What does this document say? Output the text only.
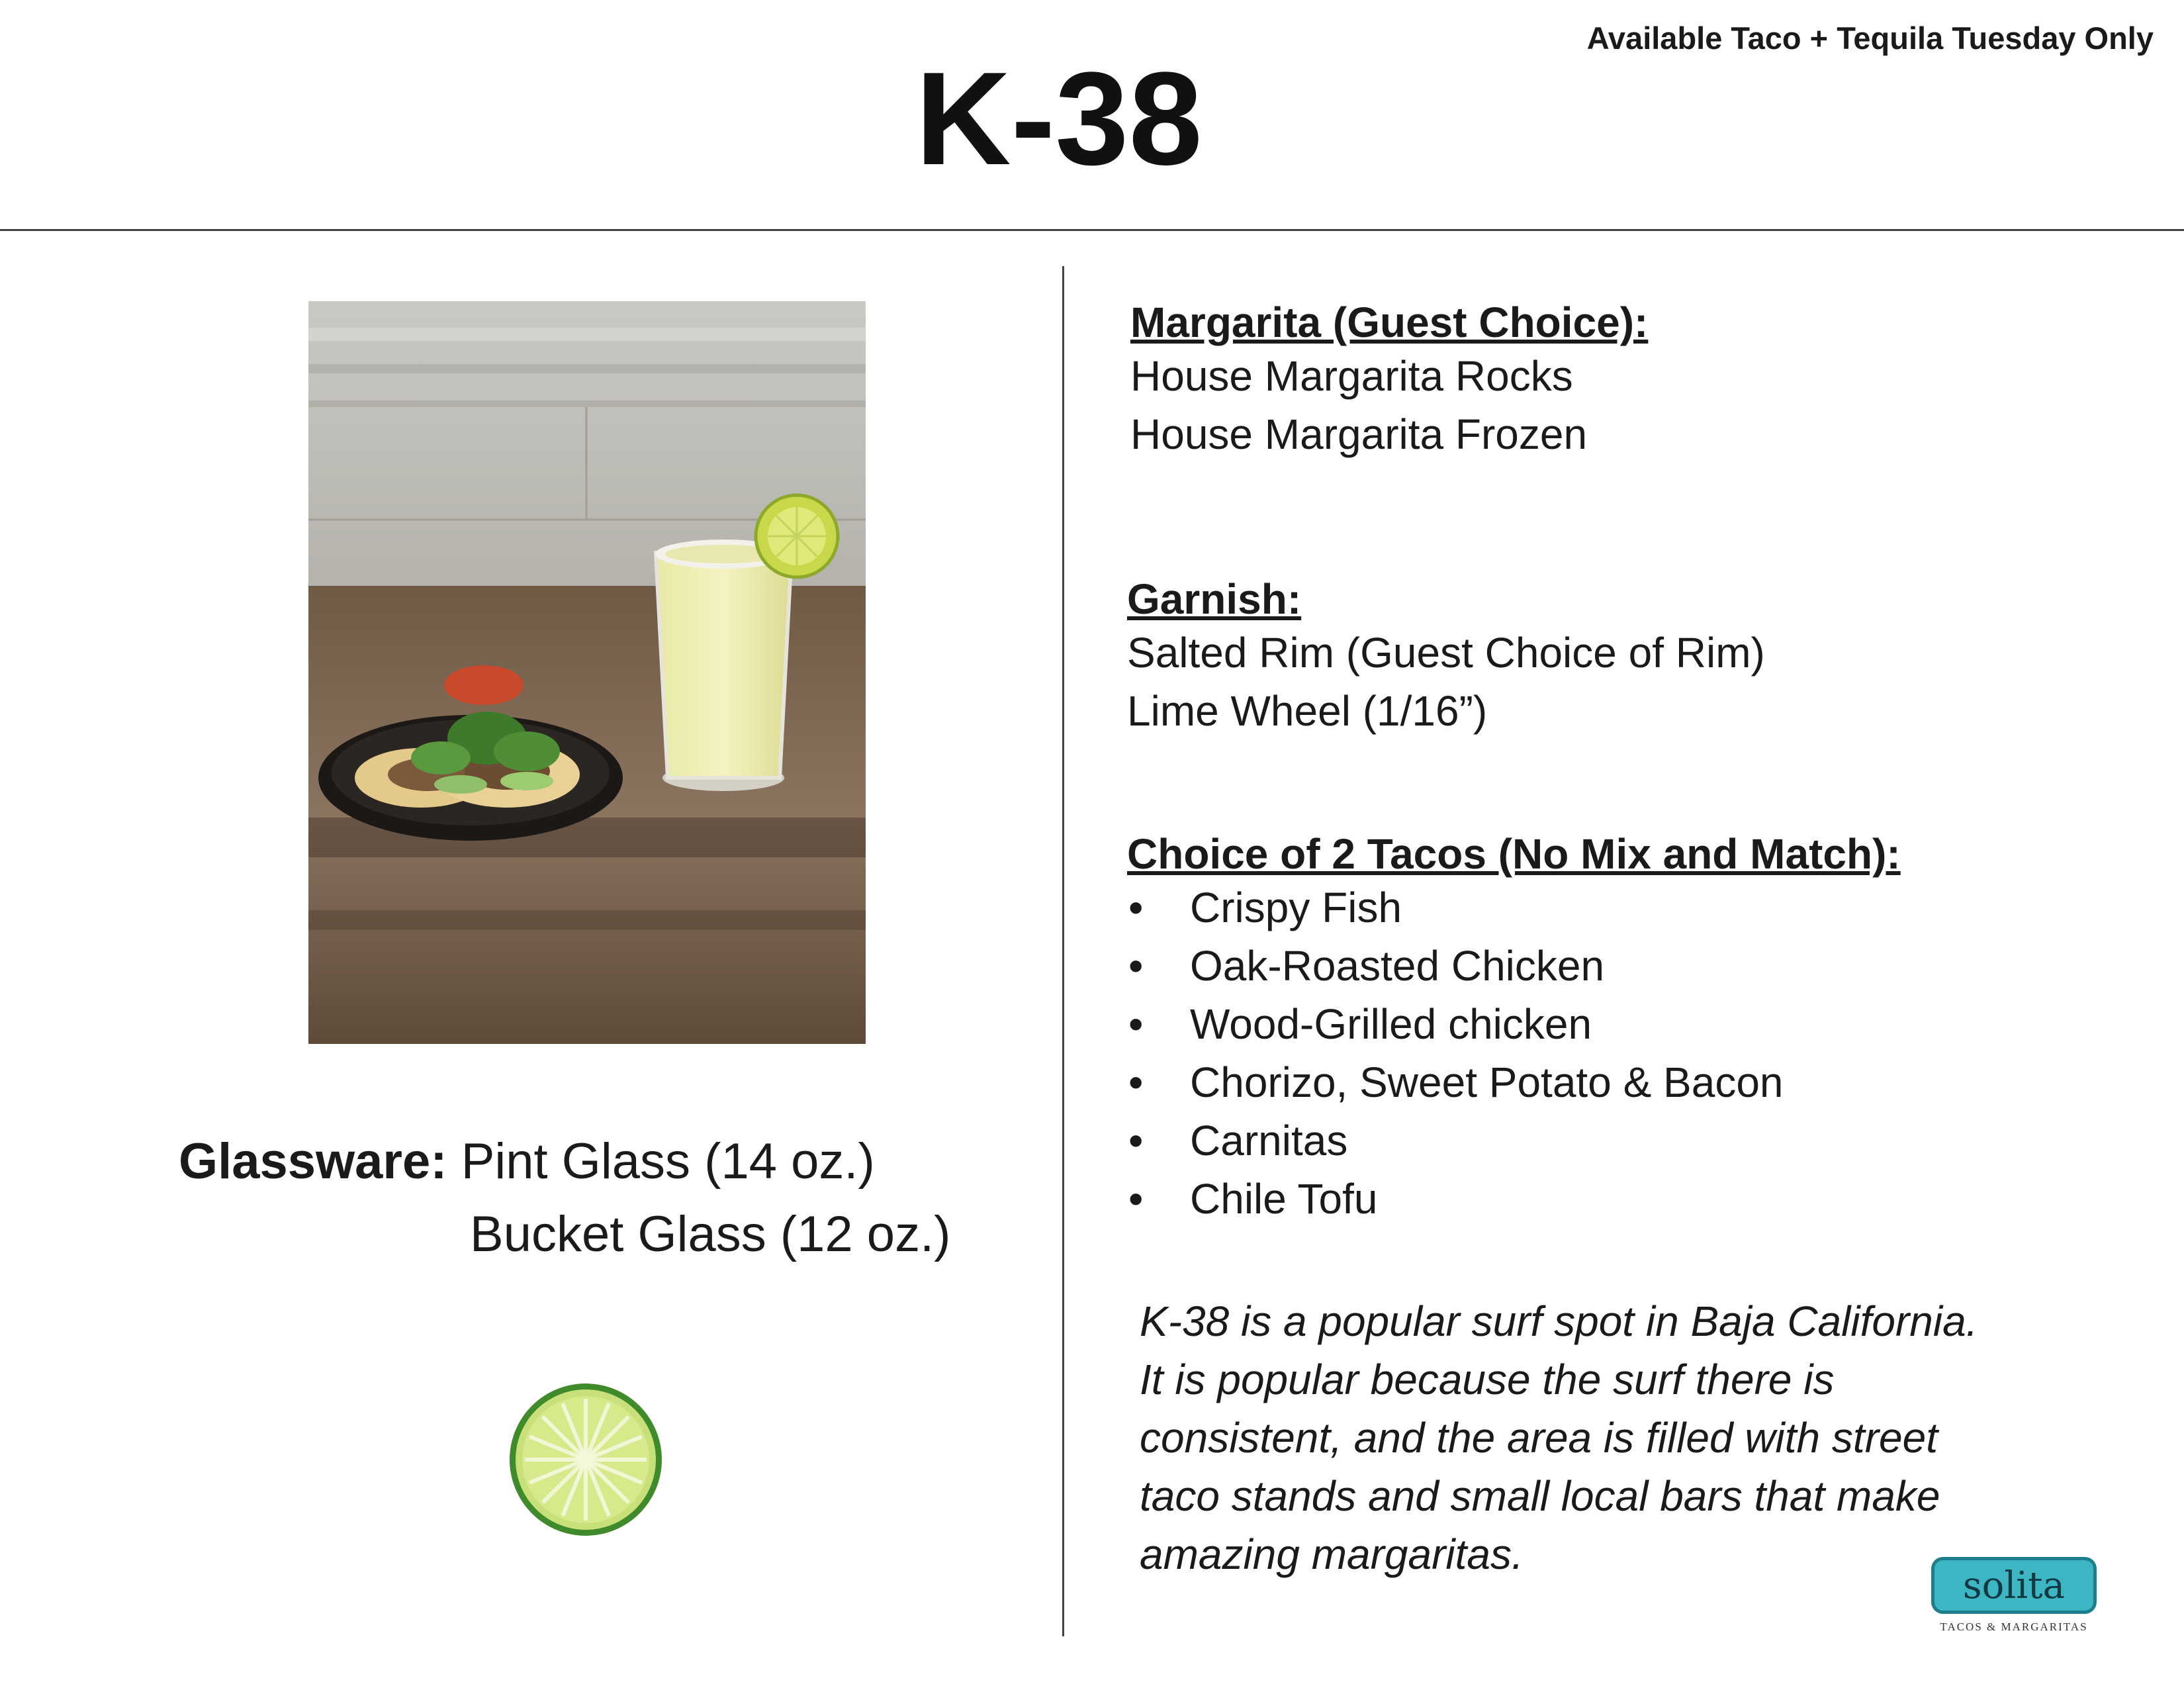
K-38
Available Taco + Tequila Tuesday Only
Glassware: Pint Glass (14 oz.)
Bucket Glass (12 oz.)
Margarita (Guest Choice):
House Margarita Rocks
House Margarita Frozen
Garnish:
Salted Rim (Guest Choice of Rim)
Lime Wheel (1/16”)
Choice of 2 Tacos (No Mix and Match):
• Crispy Fish
• Oak-Roasted Chicken
• Wood-Grilled chicken
• Chorizo, Sweet Potato & Bacon
• Carnitas
• Chile Tofu
K-38 is a popular surf spot in Baja California.
It is popular because the surf there is
consistent, and the area is filled with street
taco stands and small local bars that make
amazing margaritas.
solita
TACOS & MARGARITAS
